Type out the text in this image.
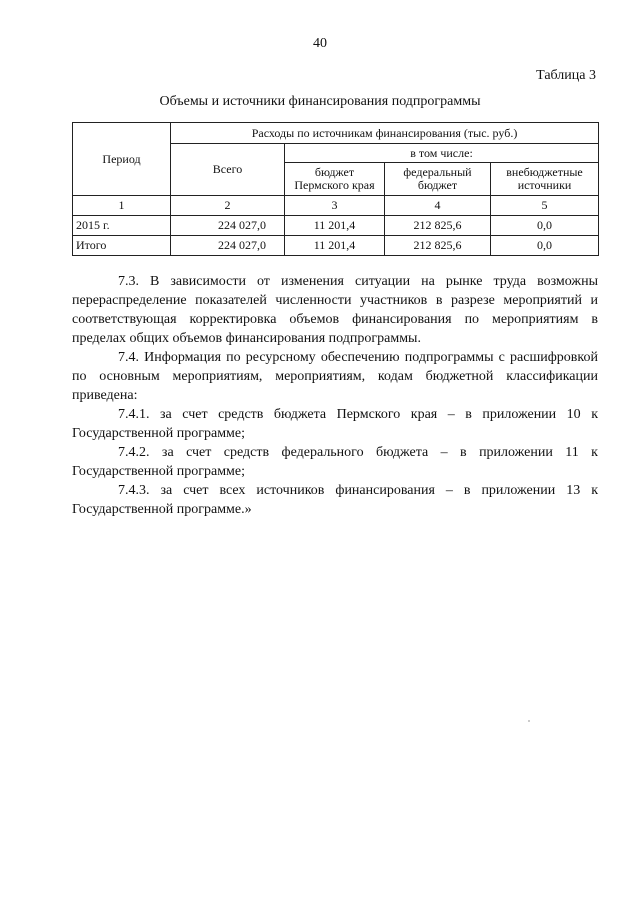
40
Таблица 3
Объемы и источники финансирования подпрограммы
Период	Расходы по источникам финансирования (тыс. руб.)			
	Всего	в том числе:		
		бюджет Пермского края	федеральный бюджет	внебюджетные источники
1	2	3	4	5
2015 г.	224 027,0	11 201,4	212 825,6	0,0
Итого	224 027,0	11 201,4	212 825,6	0,0

7.3. В зависимости от изменения ситуации на рынке труда возможны перераспределение показателей численности участников в разрезе мероприятий и соответствующая корректировка объемов финансирования по мероприятиям в пределах общих объемов финансирования подпрограммы.

7.4. Информация по ресурсному обеспечению подпрограммы с расшифровкой по основным мероприятиям, мероприятиям, кодам бюджетной классификации приведена:

7.4.1. за счет средств бюджета Пермского края – в приложении 10 к Государственной программе;

7.4.2. за счет средств федерального бюджета – в приложении 11 к Государственной программе;

7.4.3. за счет всех источников финансирования – в приложении 13 к Государственной программе.»
